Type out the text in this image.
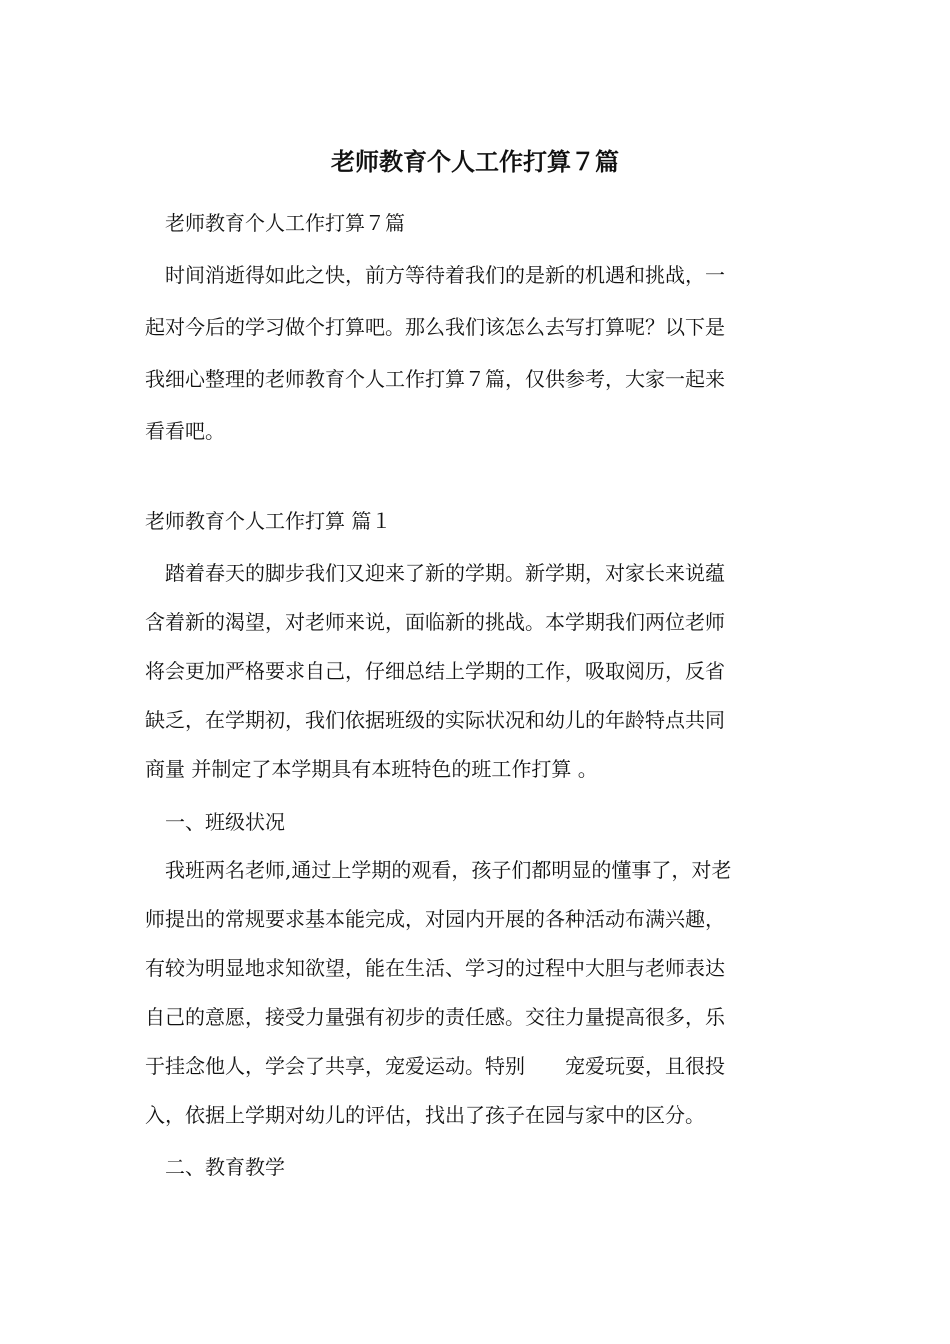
老师教育个人工作打算７篇

老师教育个人工作打算７篇

　时间消逝得如此之快，前方等待着我们的是新的机遇和挑战，一

起对今后的学习做个打算吧。那么我们该怎么去写打算呢？以下是

我细心整理的老师教育个人工作打算７篇，仅供参考，大家一起来

看看吧。

老师教育个人工作打算 篇１

　踏着春天的脚步我们又迎来了新的学期。新学期，对家长来说蕴

含着新的渴望，对老师来说，面临新的挑战。本学期我们两位老师

将会更加严格要求自己，仔细总结上学期的工作，吸取阅历，反省

缺乏，在学期初，我们依据班级的实际状况和幼儿的年龄特点共同

商量 并制定了本学期具有本班特色的班工作打算 。

一、班级状况

　我班两名老师,通过上学期的观看，孩子们都明显的懂事了，对老

师提出的常规要求基本能完成，对园内开展的各种活动布满兴趣，

有较为明显地求知欲望，能在生活、学习的过程中大胆与老师表达

自己的意愿，接受力量强有初步的责任感。交往力量提高很多，乐

于挂念他人，学会了共享，宠爱运动。特别　　宠爱玩耍，且很投

入，依据上学期对幼儿的评估，找出了孩子在园与家中的区分。

二、教育教学
